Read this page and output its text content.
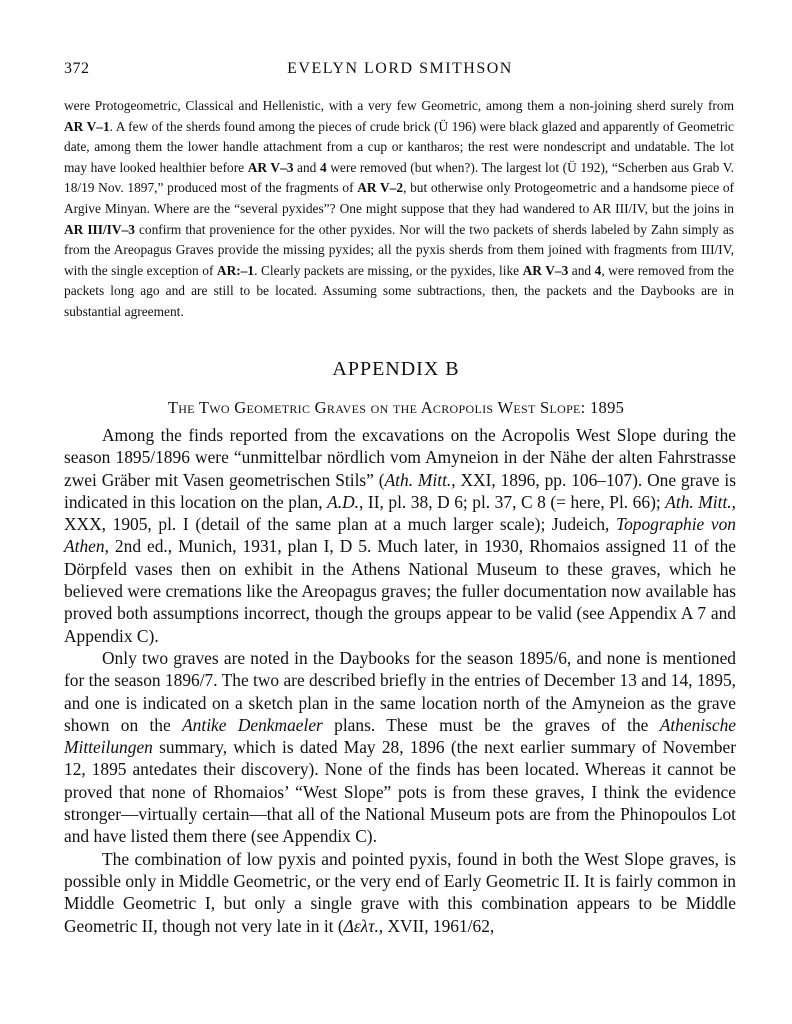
372	EVELYN LORD SMITHSON

were Protogeometric, Classical and Hellenistic, with a very few Geometric, among them a non-joining sherd surely from AR V–1. A few of the sherds found among the pieces of crude brick (Ü 196) were black glazed and apparently of Geometric date, among them the lower handle attachment from a cup or kantharos; the rest were nondescript and undatable. The lot may have looked healthier before AR V–3 and 4 were removed (but when?). The largest lot (Ü 192), “Scherben aus Grab V. 18/19 Nov. 1897,” produced most of the fragments of AR V–2, but otherwise only Protogeometric and a handsome piece of Argive Minyan. Where are the “several pyxides”? One might suppose that they had wandered to AR III/IV, but the joins in AR III/IV–3 confirm that provenience for the other pyxides. Nor will the two packets of sherds labeled by Zahn simply as from the Areopagus Graves provide the missing pyxides; all the pyxis sherds from them joined with fragments from III/IV, with the single exception of AR:–1. Clearly packets are missing, or the pyxides, like AR V–3 and 4, were removed from the packets long ago and are still to be located. Assuming some subtractions, then, the packets and the Daybooks are in substantial agreement.

APPENDIX B
The Two Geometric Graves on the Acropolis West Slope: 1895

Among the finds reported from the excavations on the Acropolis West Slope during the season 1895/1896 were “unmittelbar nördlich vom Amyneion in der Nähe der alten Fahrstrasse zwei Gräber mit Vasen geometrischen Stils” (Ath. Mitt., XXI, 1896, pp. 106–107). One grave is indicated in this location on the plan, A.D., II, pl. 38, D 6; pl. 37, C 8 (= here, Pl. 66); Ath. Mitt., XXX, 1905, pl. I (detail of the same plan at a much larger scale); Judeich, Topographie von Athen, 2nd ed., Munich, 1931, plan I, D 5. Much later, in 1930, Rhomaios assigned 11 of the Dörpfeld vases then on exhibit in the Athens National Museum to these graves, which he believed were cremations like the Areopagus graves; the fuller documentation now available has proved both assumptions incorrect, though the groups appear to be valid (see Appendix A 7 and Appendix C).

Only two graves are noted in the Daybooks for the season 1895/6, and none is mentioned for the season 1896/7. The two are described briefly in the entries of December 13 and 14, 1895, and one is indicated on a sketch plan in the same location north of the Amyneion as the grave shown on the Antike Denkmaeler plans. These must be the graves of the Athenische Mitteilungen summary, which is dated May 28, 1896 (the next earlier summary of November 12, 1895 antedates their discovery). None of the finds has been located. Whereas it cannot be proved that none of Rhomaios’ “West Slope” pots is from these graves, I think the evidence stronger—virtually certain—that all of the National Museum pots are from the Phinopoulos Lot and have listed them there (see Appendix C).

The combination of low pyxis and pointed pyxis, found in both the West Slope graves, is possible only in Middle Geometric, or the very end of Early Geometric II. It is fairly common in Middle Geometric I, but only a single grave with this combination appears to be Middle Geometric II, though not very late in it (Δελτ., XVII, 1961/62,
